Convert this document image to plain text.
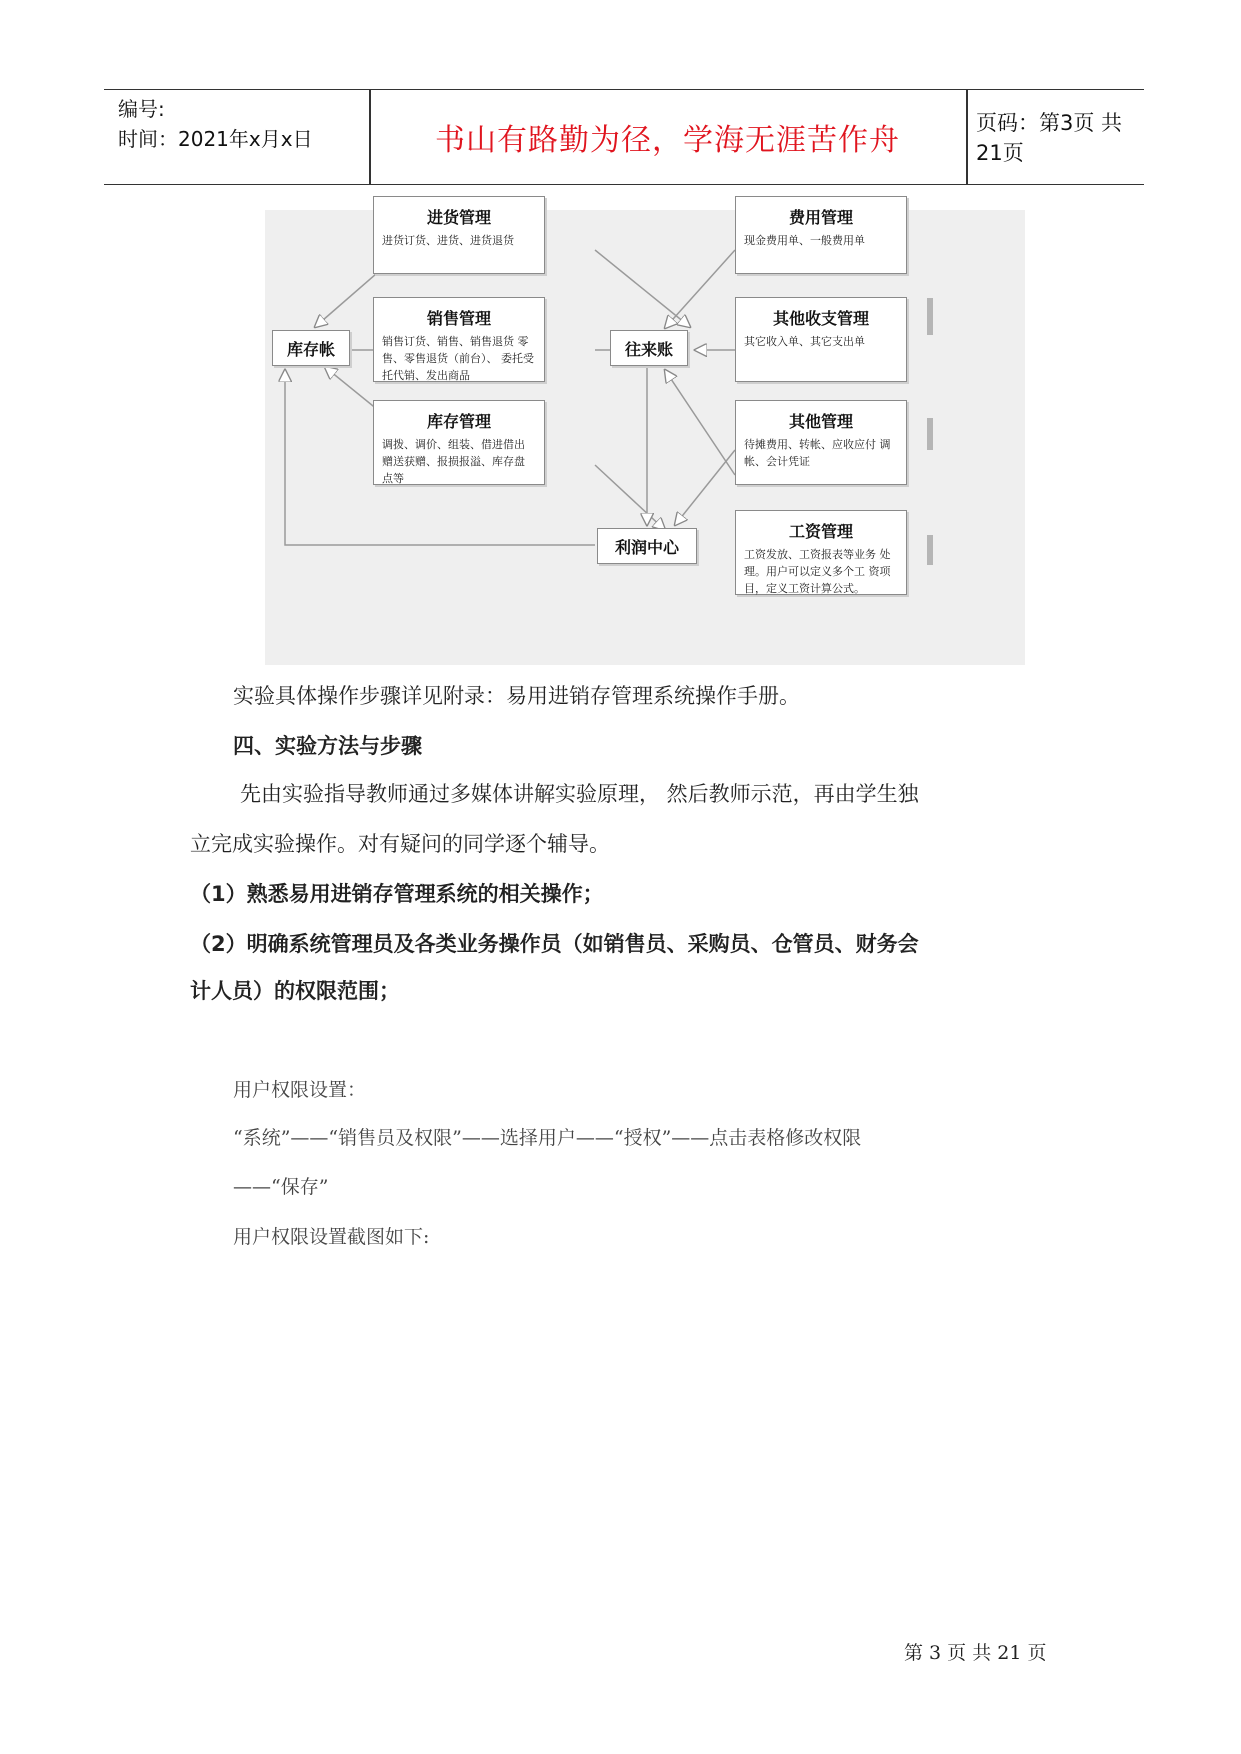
编号:
时间：2021年x月x日	书山有路勤为径，学海无涯苦作舟	页码：第3页 共21页
进货管理
进货订货、进货、进货退货
销售管理
销售订货、销售、销售退货 零售、零售退货（前台）、 委托受托代销、发出商品
库存管理
调拨、调价、组装、借进借出 赠送获赠、报损报溢、库存盘 点等
费用管理
现金费用单、一般费用单
其他收支管理
其它收入单、其它支出单
其他管理
待摊费用、转帐、应收应付 调帐、会计凭证
工资管理
工资发放、工资报表等业务 处理。用户可以定义多个工 资项目，定义工资计算公式。
库存帐	往来账
利润中心
实验具体操作步骤详见附录：易用进销存管理系统操作手册。
四、实验方法与步骤
先由实验指导教师通过多媒体讲解实验原理， 然后教师示范，再由学生独
立完成实验操作。对有疑问的同学逐个辅导。
（1）熟悉易用进销存管理系统的相关操作；
（2）明确系统管理员及各类业务操作员（如销售员、采购员、仓管员、财务会
计人员）的权限范围；
用户权限设置：
“系统”——“销售员及权限”——选择用户——“授权”——点击表格修改权限
——“保存”
用户权限设置截图如下:
第 3 页 共 21 页
